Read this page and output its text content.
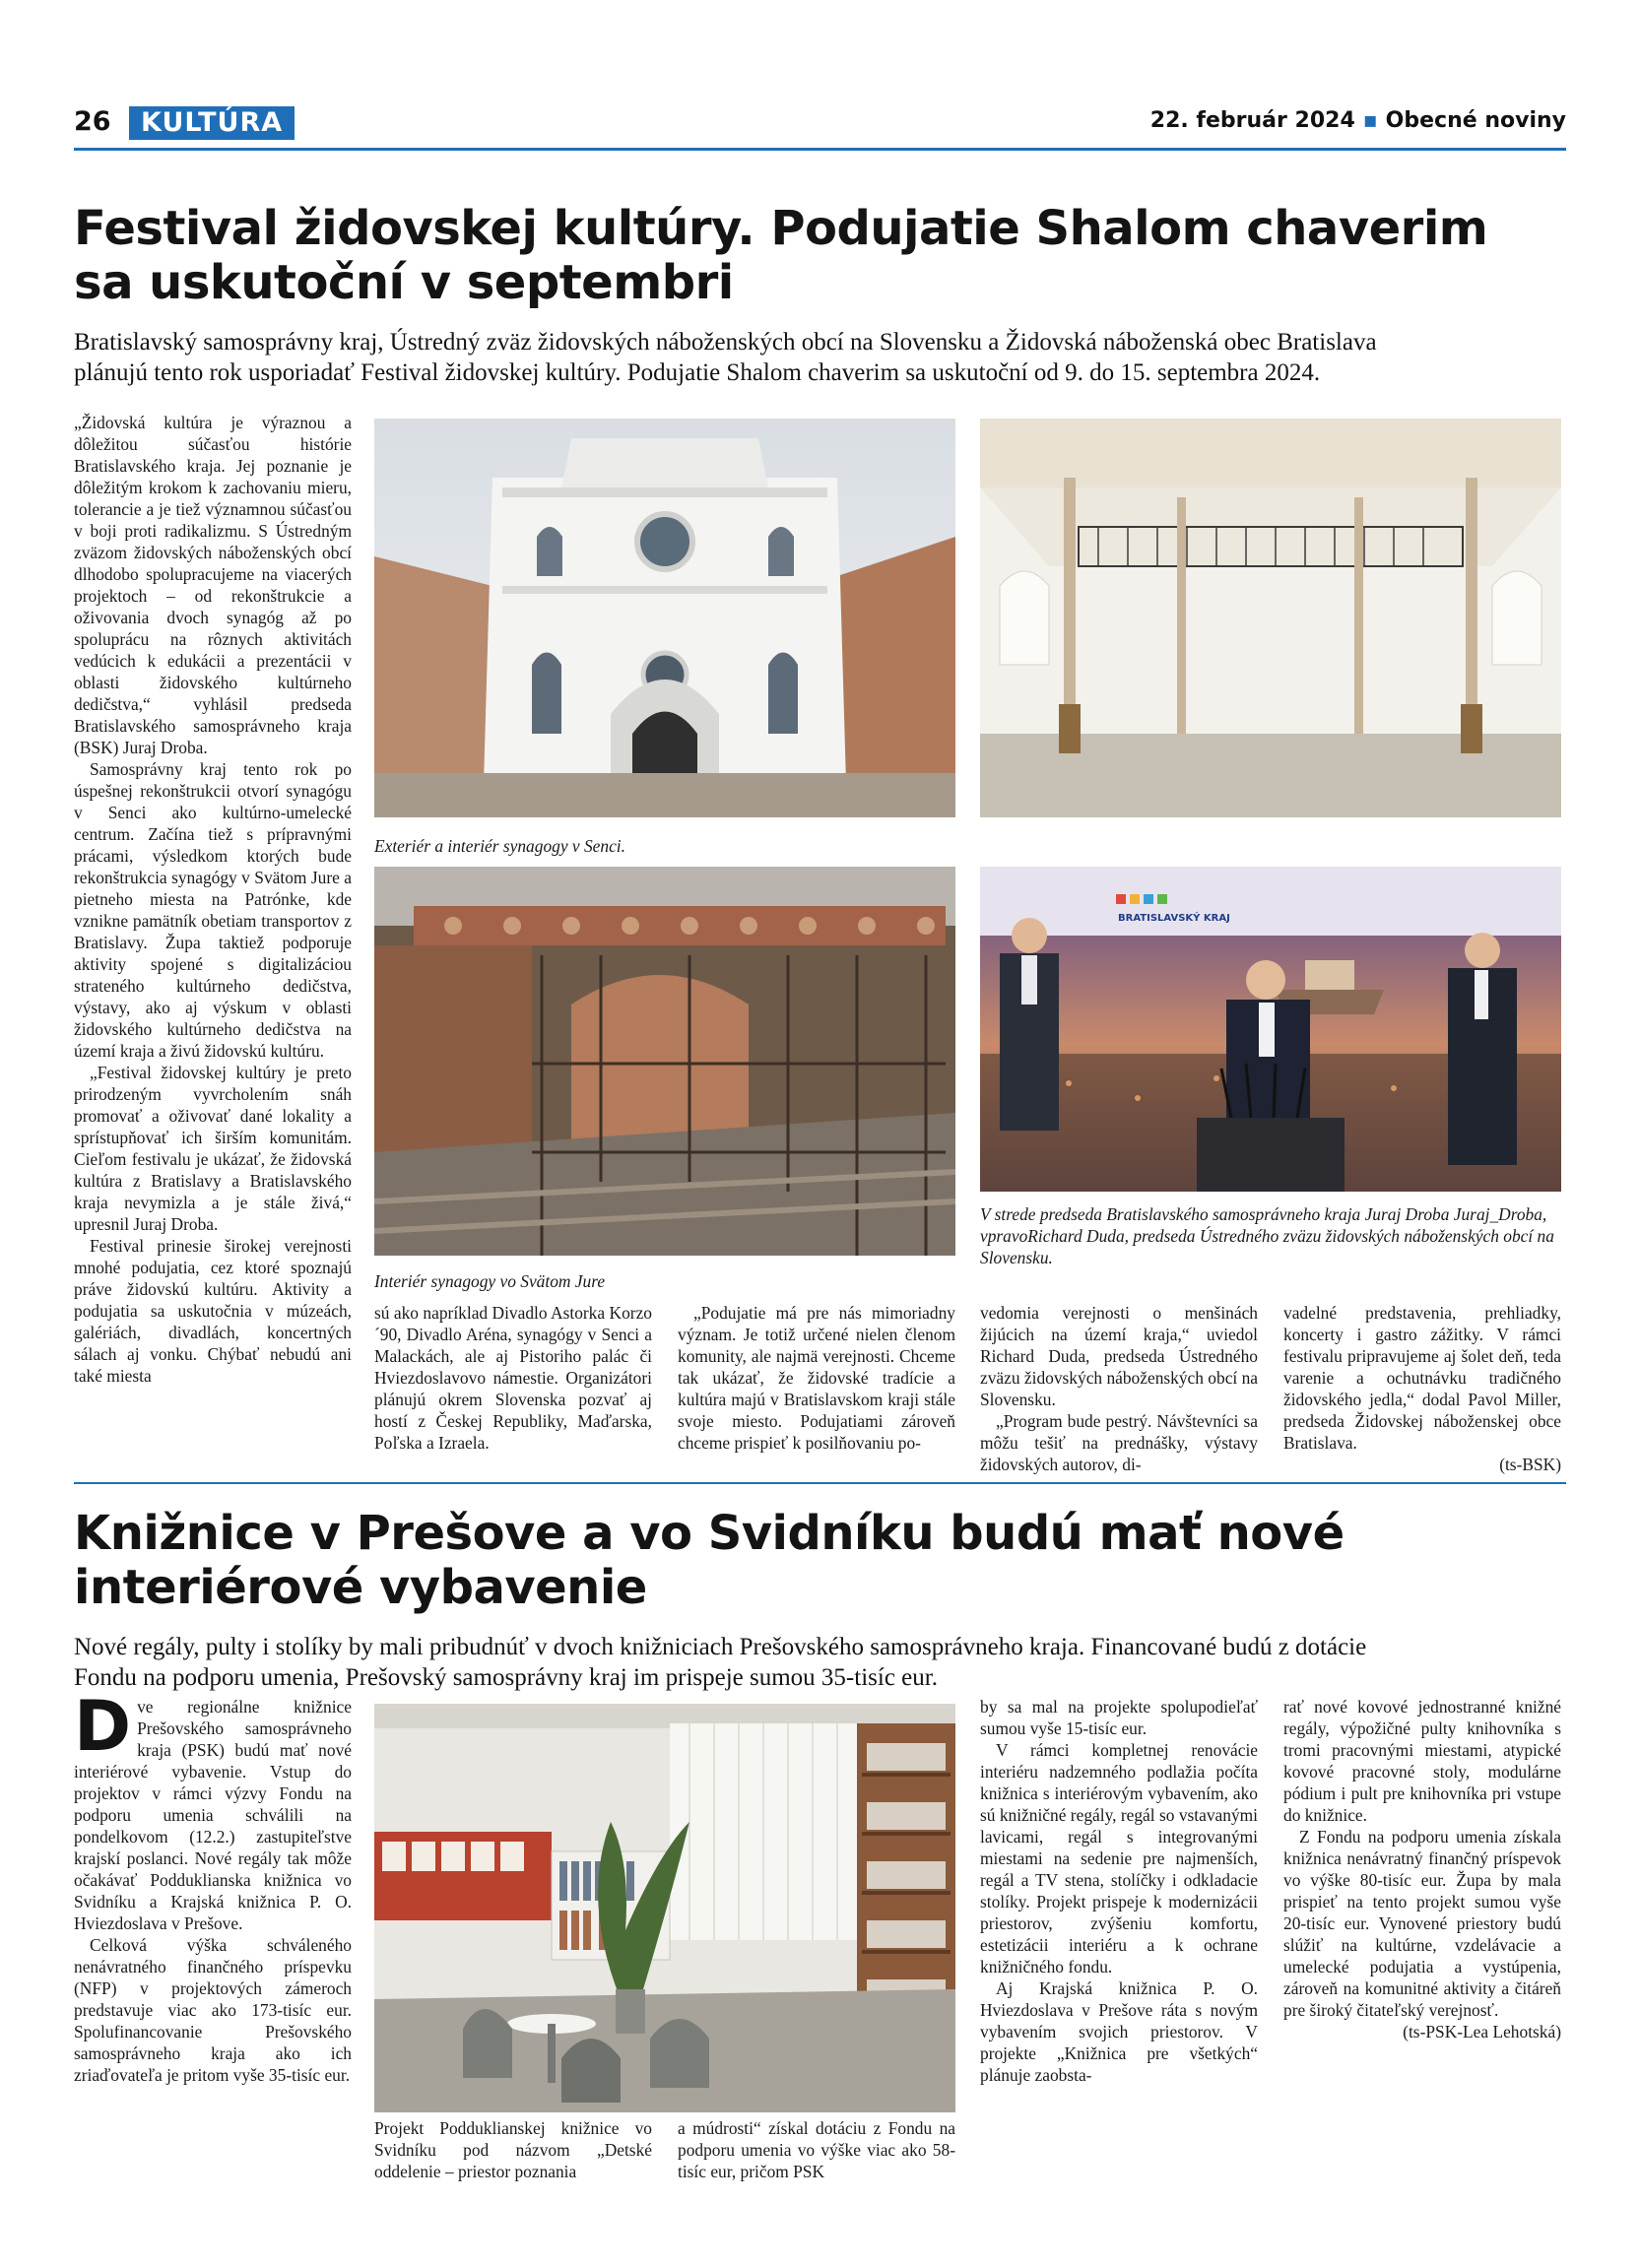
26	KULTÚRA	22. február 2024 ▪ Obecné noviny
Festival židovskej kultúry. Podujatie Shalom chaverim
sa uskutoční v septembri
Bratislavský samosprávny kraj, Ústredný zväz židovských náboženských obcí na Slovensku a Židovská náboženská obec Bratislava
plánujú tento rok usporiadať Festival židovskej kultúry. Podujatie Shalom chaverim sa uskutoční od 9. do 15. septembra 2024.

„Židovská kultúra je výraznou a dôležitou súčasťou histórie Bratislavského kraja. Jej poznanie je dôležitým krokom k zachovaniu mieru, tolerancie a je tiež významnou súčasťou v boji proti radikalizmu. S Ústredným zväzom židovských náboženských obcí dlhodobo spolupracujeme na viacerých projektoch – od rekonštrukcie a oživovania dvoch synagóg až po spoluprácu na rôznych aktivitách vedúcich k edukácii a prezentácii v oblasti židovského kultúrneho dedičstva,“ vyhlásil predseda Bratislavského samosprávneho kraja (BSK) Juraj Droba.

Samosprávny kraj tento rok po úspešnej rekonštrukcii otvorí synagógu v Senci ako kultúrno-umelecké centrum. Začína tiež s prípravnými prácami, výsledkom ktorých bude rekonštrukcia synagógy v Svätom Jure a pietneho miesta na Patrónke, kde vznikne pamätník obetiam transportov z Bratislavy. Župa taktiež podporuje aktivity spojené s digitalizáciou strateného kultúrneho dedičstva, výstavy, ako aj výskum v oblasti židovského kultúrneho dedičstva na území kraja a živú židovskú kultúru.

„Festival židovskej kultúry je preto prirodzeným vyvrcholením snáh promovať a oživovať dané lokality a sprístupňovať ich širším komunitám. Cieľom festivalu je ukázať, že židovská kultúra z Bratislavy a Bratislavského kraja nevymizla a je stále živá,“ upresnil Juraj Droba.

Festival prinesie širokej verejnosti mnohé podujatia, cez ktoré spoznajú práve židovskú kultúru. Aktivity a podujatia sa uskutočnia v múzeách, galériách, divadlách, koncertných sálach aj vonku. Chýbať nebudú ani také miesta

Exteriér a interiér synagogy v Senci.
Interiér synagogy vo Svätom Jure
BRATISLAVSKÝ KRAJ
V strede predseda Bratislavského samosprávneho kraja Juraj Droba Juraj_Droba, vpravoRichard Duda, predseda Ústredného zväzu židovských náboženských obcí na Slovensku.

sú ako napríklad Divadlo Astorka Korzo´90, Divadlo Aréna, synagógy v Senci a Malackách, ale aj Pistoriho palác či Hviezdoslavovo námestie. Organizátori plánujú okrem Slovenska pozvať aj hostí z Českej Republiky, Maďarska, Poľska a Izraela.

„Podujatie má pre nás mimoriadny význam. Je totiž určené nielen členom komunity, ale najmä verejnosti. Chceme tak ukázať, že židovské tradície a kultúra majú v Bratislavskom kraji stále svoje miesto. Podujatiami zároveň chceme prispieť k posilňovaniu po-

vedomia verejnosti o menšinách žijúcich na území kraja,“ uviedol Richard Duda, predseda Ústredného zväzu židovských náboženských obcí na Slovensku.

„Program bude pestrý. Návštevníci sa môžu tešiť na prednášky, výstavy židovských autorov, di-

vadelné predstavenia, prehliadky, koncerty i gastro zážitky. V rámci festivalu pripravujeme aj šolet deň, teda varenie a ochutnávku tradičného židovského jedla,“ dodal Pavol Miller, predseda Židovskej náboženskej obce Bratislava.

(ts-BSK)

Knižnice v Prešove a vo Svidníku budú mať nové
interiérové vybavenie
Nové regály, pulty i stolíky by mali pribudnúť v dvoch knižniciach Prešovského samosprávneho kraja. Financované budú z dotácie
Fondu na podporu umenia, Prešovský samosprávny kraj im prispeje sumou 35-tisíc eur.

Dve regionálne knižnice Prešovského samosprávneho kraja (PSK) budú mať nové interiérové vybavenie. Vstup do projektov v rámci výzvy Fondu na podporu umenia schválili na pondelkovom (12.2.) zastupiteľstve krajskí poslanci. Nové regály tak môže očakávať Podduklianska knižnica vo Svidníku a Krajská knižnica P. O. Hviezdoslava v Prešove.

Celková výška schváleného nenávratného finančného príspevku (NFP) v projektových zámeroch predstavuje viac ako 173-tisíc eur. Spolufinancovanie Prešovského samosprávneho kraja ako ich zriaďovateľa je pritom vyše 35-tisíc eur.

Projekt Podduklianskej knižnice vo Svidníku pod názvom „Detské oddelenie – priestor poznania
a múdrosti“ získal dotáciu z Fondu na podporu umenia vo výške viac ako 58-tisíc eur, pričom PSK

by sa mal na projekte spolupodieľať sumou vyše 15-tisíc eur.

V rámci kompletnej renovácie interiéru nadzemného podlažia počíta knižnica s interiérovým vybavením, ako sú knižničné regály, regál so vstavanými lavicami, regál s integrovanými miestami na sedenie pre najmenších, regál a TV stena, stolíčky i odkladacie stolíky. Projekt prispeje k modernizácii priestorov, zvýšeniu komfortu, estetizácii interiéru a k ochrane knižničného fondu.

Aj Krajská knižnica P. O. Hviezdoslava v Prešove ráta s novým vybavením svojich priestorov. V projekte „Knižnica pre všetkých“ plánuje zaobsta-

rať nové kovové jednostranné knižné regály, výpožičné pulty knihovníka s tromi pracovnými miestami, atypické kovové pracovné stoly, modulárne pódium i pult pre knihovníka pri vstupe do knižnice.

Z Fondu na podporu umenia získala knižnica nenávratný finančný príspevok vo výške 80-tisíc eur. Župa by mala prispieť na tento projekt sumou vyše 20-tisíc eur. Vynovené priestory budú slúžiť na kultúrne, vzdelávacie a umelecké podujatia a vystúpenia, zároveň na komunitné aktivity a čitáreň pre široký čitateľský verejnosť.

(ts-PSK-Lea Lehotská)
